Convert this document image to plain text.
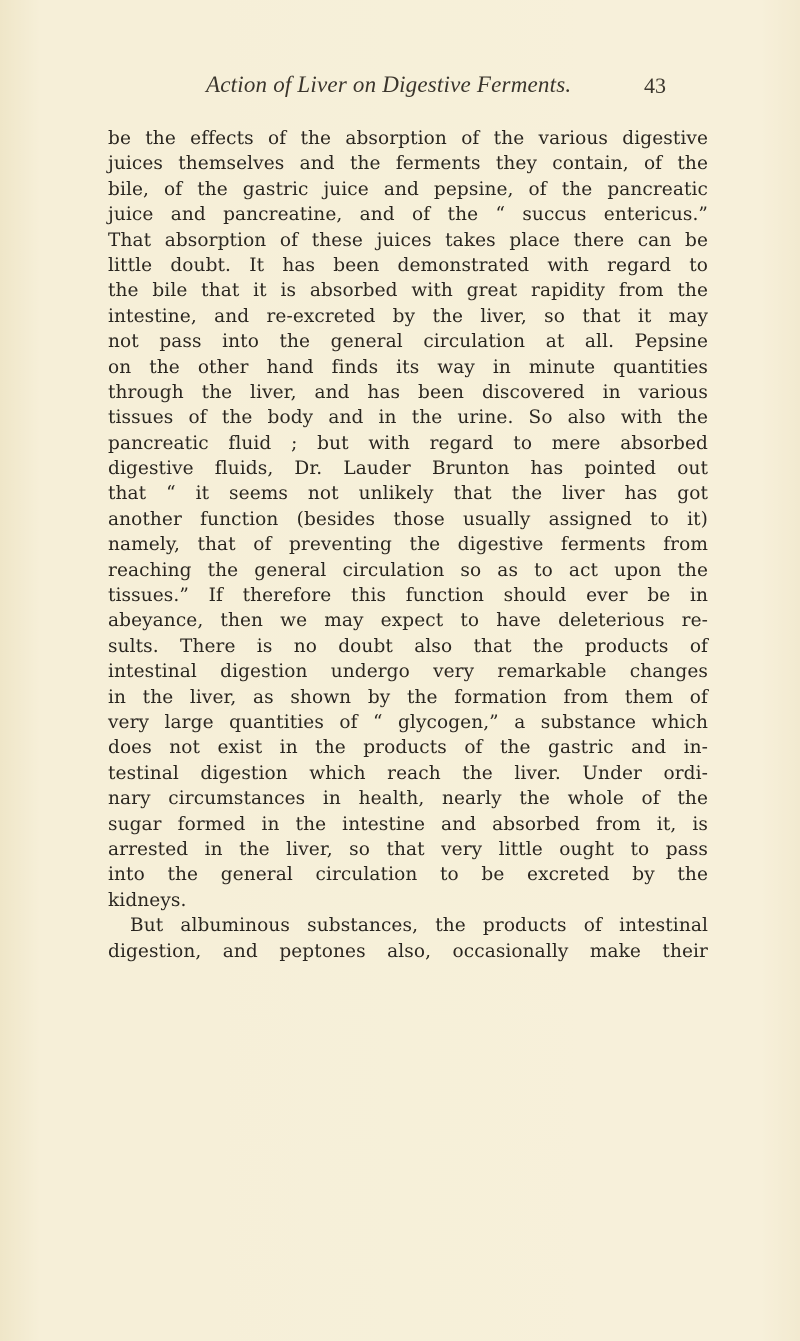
Action of Liver on Digestive Ferments.	43
be the effects of the absorption of the various digestive
juices themselves and the ferments they contain, of the
bile, of the gastric juice and pepsine, of the pancreatic
juice and pancreatine, and of the “ succus entericus.”
That absorption of these juices takes place there can be
little doubt. It has been demonstrated with regard to
the bile that it is absorbed with great rapidity from the
intestine, and re-excreted by the liver, so that it may
not pass into the general circulation at all. Pepsine
on the other hand finds its way in minute quantities
through the liver, and has been discovered in various
tissues of the body and in the urine. So also with the
pancreatic fluid ; but with regard to mere absorbed
digestive fluids, Dr. Lauder Brunton has pointed out
that “ it seems not unlikely that the liver has got
another function (besides those usually assigned to it)
namely, that of preventing the digestive ferments from
reaching the general circulation so as to act upon the
tissues.” If therefore this function should ever be in
abeyance, then we may expect to have deleterious re-
sults. There is no doubt also that the products of
intestinal digestion undergo very remarkable changes
in the liver, as shown by the formation from them of
very large quantities of “ glycogen,” a substance which
does not exist in the products of the gastric and in-
testinal digestion which reach the liver. Under ordi-
nary circumstances in health, nearly the whole of the
sugar formed in the intestine and absorbed from it, is
arrested in the liver, so that very little ought to pass
into the general circulation to be excreted by the
kidneys.
But albuminous substances, the products of intestinal
digestion, and peptones also, occasionally make their
